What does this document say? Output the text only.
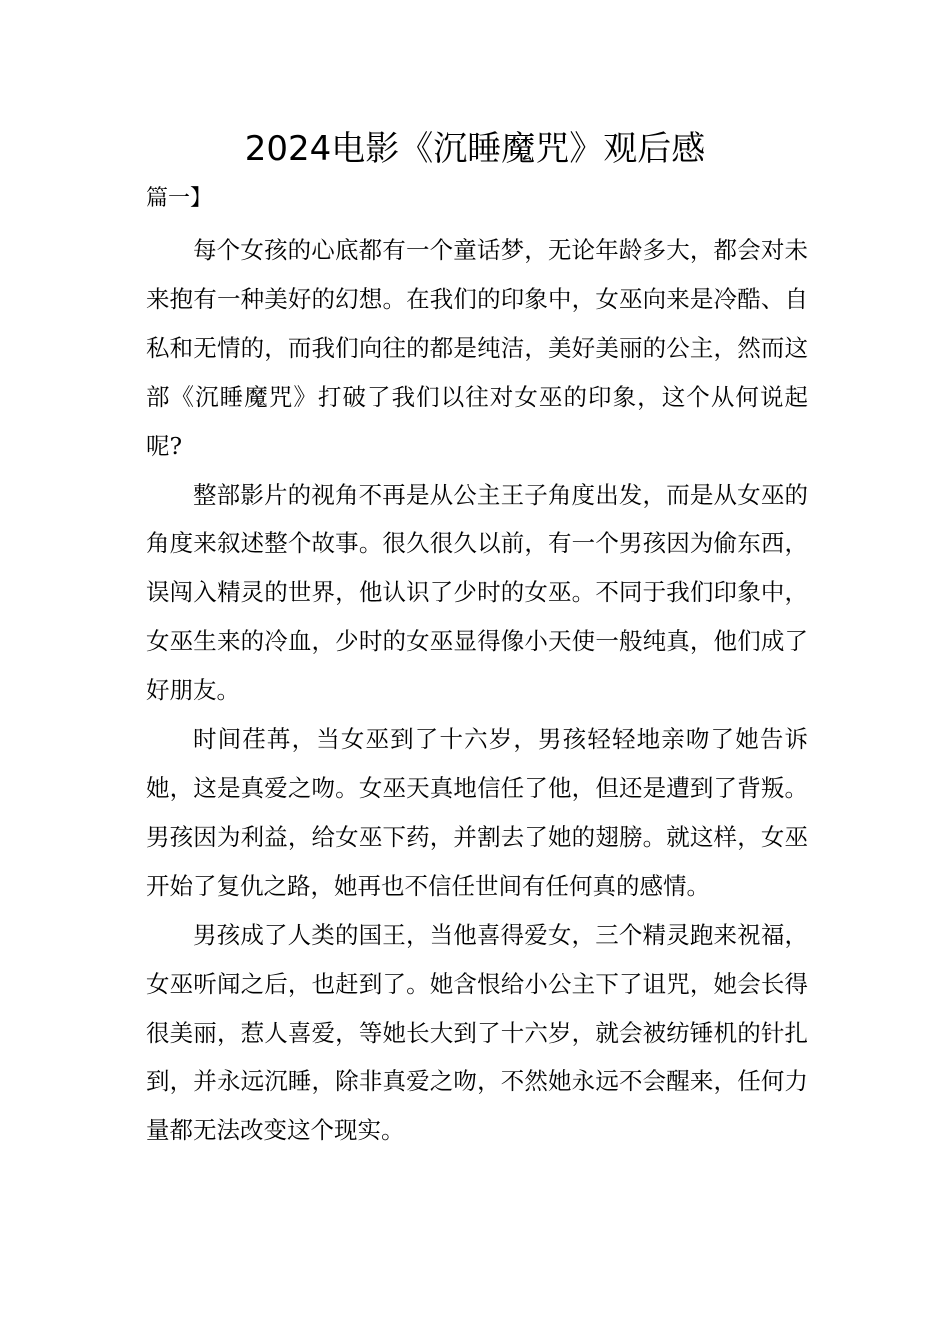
2024电影《沉睡魔咒》观后感
篇一】

每个女孩的心底都有一个童话梦，无论年龄多大，都会对未来抱有一种美好的幻想。在我们的印象中，女巫向来是冷酷、自私和无情的，而我们向往的都是纯洁，美好美丽的公主，然而这部《沉睡魔咒》打破了我们以往对女巫的印象，这个从何说起呢?

整部影片的视角不再是从公主王子角度出发，而是从女巫的角度来叙述整个故事。很久很久以前，有一个男孩因为偷东西，误闯入精灵的世界，他认识了少时的女巫。不同于我们印象中，女巫生来的冷血，少时的女巫显得像小天使一般纯真，他们成了好朋友。

时间荏苒，当女巫到了十六岁，男孩轻轻地亲吻了她告诉她，这是真爱之吻。女巫天真地信任了他，但还是遭到了背叛。男孩因为利益，给女巫下药，并割去了她的翅膀。就这样，女巫开始了复仇之路，她再也不信任世间有任何真的感情。

男孩成了人类的国王，当他喜得爱女，三个精灵跑来祝福，女巫听闻之后，也赶到了。她含恨给小公主下了诅咒，她会长得很美丽，惹人喜爱，等她长大到了十六岁，就会被纺锤机的针扎到，并永远沉睡，除非真爱之吻，不然她永远不会醒来，任何力量都无法改变这个现实。
